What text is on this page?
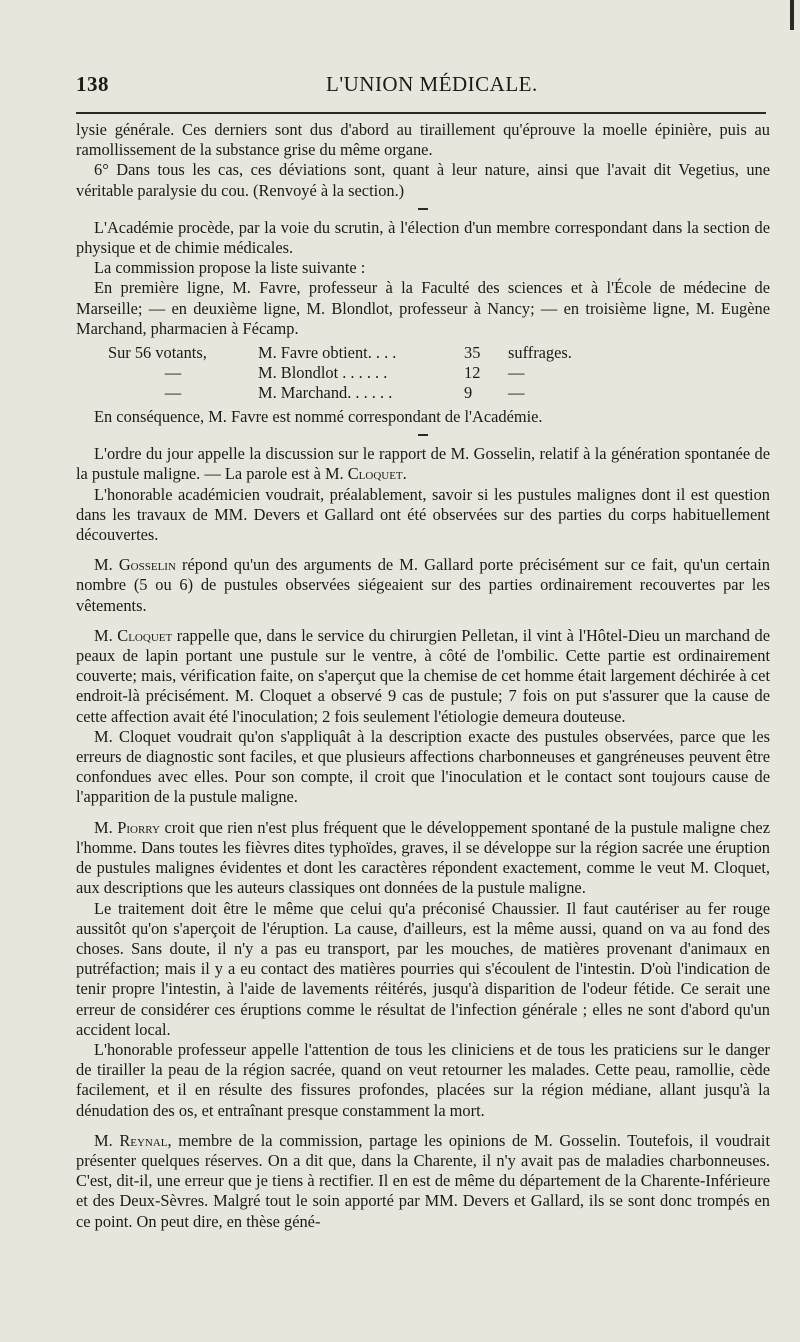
138	L'UNION MÉDICALE.

lysie générale. Ces derniers sont dus d'abord au tiraillement qu'éprouve la moelle épinière, puis au ramollissement de la substance grise du même organe.

6° Dans tous les cas, ces déviations sont, quant à leur nature, ainsi que l'avait dit Vegetius, une véritable paralysie du cou. (Renvoyé à la section.)

L'Académie procède, par la voie du scrutin, à l'élection d'un membre correspondant dans la section de physique et de chimie médicales.

La commission propose la liste suivante :

En première ligne, M. Favre, professeur à la Faculté des sciences et à l'École de médecine de Marseille; — en deuxième ligne, M. Blondlot, professeur à Nancy; — en troisième ligne, M. Eugène Marchand, pharmacien à Fécamp.

Sur 56 votants,	M. Favre obtient. . . .	35	suffrages.
—	M. Blondlot . . . . . .	12	—
—	M. Marchand. . . . . .	9	—

En conséquence, M. Favre est nommé correspondant de l'Académie.

L'ordre du jour appelle la discussion sur le rapport de M. Gosselin, relatif à la génération spontanée de la pustule maligne. — La parole est à M. Cloquet.

L'honorable académicien voudrait, préalablement, savoir si les pustules malignes dont il est question dans les travaux de MM. Devers et Gallard ont été observées sur des parties du corps habituellement découvertes.

M. Gosselin répond qu'un des arguments de M. Gallard porte précisément sur ce fait, qu'un certain nombre (5 ou 6) de pustules observées siégeaient sur des parties ordinairement recouvertes par les vêtements.

M. Cloquet rappelle que, dans le service du chirurgien Pelletan, il vint à l'Hôtel-Dieu un marchand de peaux de lapin portant une pustule sur le ventre, à côté de l'ombilic. Cette partie est ordinairement couverte; mais, vérification faite, on s'aperçut que la chemise de cet homme était largement déchirée à cet endroit-là précisément. M. Cloquet a observé 9 cas de pustule; 7 fois on put s'assurer que la cause de cette affection avait été l'inoculation; 2 fois seulement l'étiologie demeura douteuse.

M. Cloquet voudrait qu'on s'appliquât à la description exacte des pustules observées, parce que les erreurs de diagnostic sont faciles, et que plusieurs affections charbonneuses et gangréneuses peuvent être confondues avec elles. Pour son compte, il croit que l'inoculation et le contact sont toujours cause de l'apparition de la pustule maligne.

M. Piorry croit que rien n'est plus fréquent que le développement spontané de la pustule maligne chez l'homme. Dans toutes les fièvres dites typhoïdes, graves, il se développe sur la région sacrée une éruption de pustules malignes évidentes et dont les caractères répondent exactement, comme le veut M. Cloquet, aux descriptions que les auteurs classiques ont données de la pustule maligne.

Le traitement doit être le même que celui qu'a préconisé Chaussier. Il faut cautériser au fer rouge aussitôt qu'on s'aperçoit de l'éruption. La cause, d'ailleurs, est la même aussi, quand on va au fond des choses. Sans doute, il n'y a pas eu transport, par les mouches, de matières provenant d'animaux en putréfaction; mais il y a eu contact des matières pourries qui s'écoulent de l'intestin. D'où l'indication de tenir propre l'intestin, à l'aide de lavements réitérés, jusqu'à disparition de l'odeur fétide. Ce serait une erreur de considérer ces éruptions comme le résultat de l'infection générale ; elles ne sont d'abord qu'un accident local.

L'honorable professeur appelle l'attention de tous les cliniciens et de tous les praticiens sur le danger de tirailler la peau de la région sacrée, quand on veut retourner les malades. Cette peau, ramollie, cède facilement, et il en résulte des fissures profondes, placées sur la région médiane, allant jusqu'à la dénudation des os, et entraînant presque constamment la mort.

M. Reynal, membre de la commission, partage les opinions de M. Gosselin. Toutefois, il voudrait présenter quelques réserves. On a dit que, dans la Charente, il n'y avait pas de maladies charbonneuses. C'est, dit-il, une erreur que je tiens à rectifier. Il en est de même du département de la Charente-Inférieure et des Deux-Sèvres. Malgré tout le soin apporté par MM. Devers et Gallard, ils se sont donc trompés en ce point. On peut dire, en thèse géné-
